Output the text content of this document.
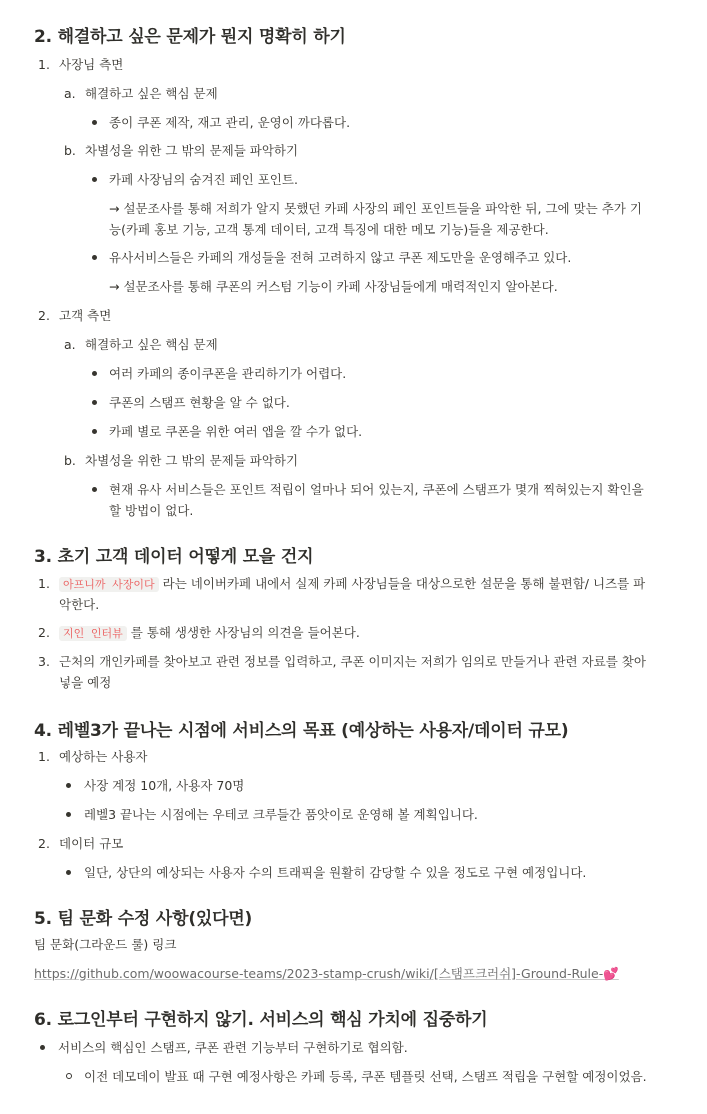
2. 해결하고 싶은 문제가 뭔지 명확히 하기
1. 사장님 측면
a. 해결하고 싶은 핵심 문제
종이 쿠폰 제작, 재고 관리, 운영이 까다롭다.
b. 차별성을 위한 그 밖의 문제들 파악하기
카페 사장님의 숨겨진 페인 포인트.
→ 설문조사를 통해 저희가 알지 못했던 카페 사장의 페인 포인트들을 파악한 뒤, 그에 맞는 추가 기
능(카페 홍보 기능, 고객 통계 데이터, 고객 특징에 대한 메모 기능)들을 제공한다.
유사서비스들은 카페의 개성들을 전혀 고려하지 않고 쿠폰 제도만을 운영해주고 있다.
→ 설문조사를 통해 쿠폰의 커스텀 기능이 카페 사장님들에게 매력적인지 알아본다.
2. 고객 측면
a. 해결하고 싶은 핵심 문제
여러 카페의 종이쿠폰을 관리하기가 어렵다.
쿠폰의 스탬프 현황을 알 수 없다.
카페 별로 쿠폰을 위한 여러 앱을 깔 수가 없다.
b. 차별성을 위한 그 밖의 문제들 파악하기
현재 유사 서비스들은 포인트 적립이 얼마나 되어 있는지, 쿠폰에 스탬프가 몇개 찍혀있는지 확인을
할 방법이 없다.
3. 초기 고객 데이터 어떻게 모을 건지
1.	아프니까 사장이다 라는 네이버카페 내에서 실제 카페 사장님들을 대상으로한 설문을 통해 불편함/ 니즈를 파
악한다.
2.	지인 인터뷰 를 통해 생생한 사장님의 의견을 들어본다.
3. 근처의 개인카페를 찾아보고 관련 정보를 입력하고, 쿠폰 이미지는 저희가 임의로 만들거나 관련 자료를 찾아
넣을 예정
4. 레벨3가 끝나는 시점에 서비스의 목표 (예상하는 사용자/데이터 규모)
1. 예상하는 사용자
사장 계정 10개, 사용자 70명
레벨3 끝나는 시점에는 우테코 크루들간 품앗이로 운영해 볼 계획입니다.
2. 데이터 규모
일단, 상단의 예상되는 사용자 수의 트래픽을 원활히 감당할 수 있을 정도로 구현 예정입니다.
5. 팀 문화 수정 사항(있다면)
팀 문화(그라운드 룰) 링크
https://github.com/woowacourse-teams/2023-stamp-crush/wiki/[스탬프크러쉬]-Ground-Rule-💕
6. 로그인부터 구현하지 않기. 서비스의 핵심 가치에 집중하기
서비스의 핵심인 스탬프, 쿠폰 관련 기능부터 구현하기로 협의함.
이전 데모데이 발표 때 구현 예정사항은 카페 등록, 쿠폰 템플릿 선택, 스탬프 적립을 구현할 예정이었음.
